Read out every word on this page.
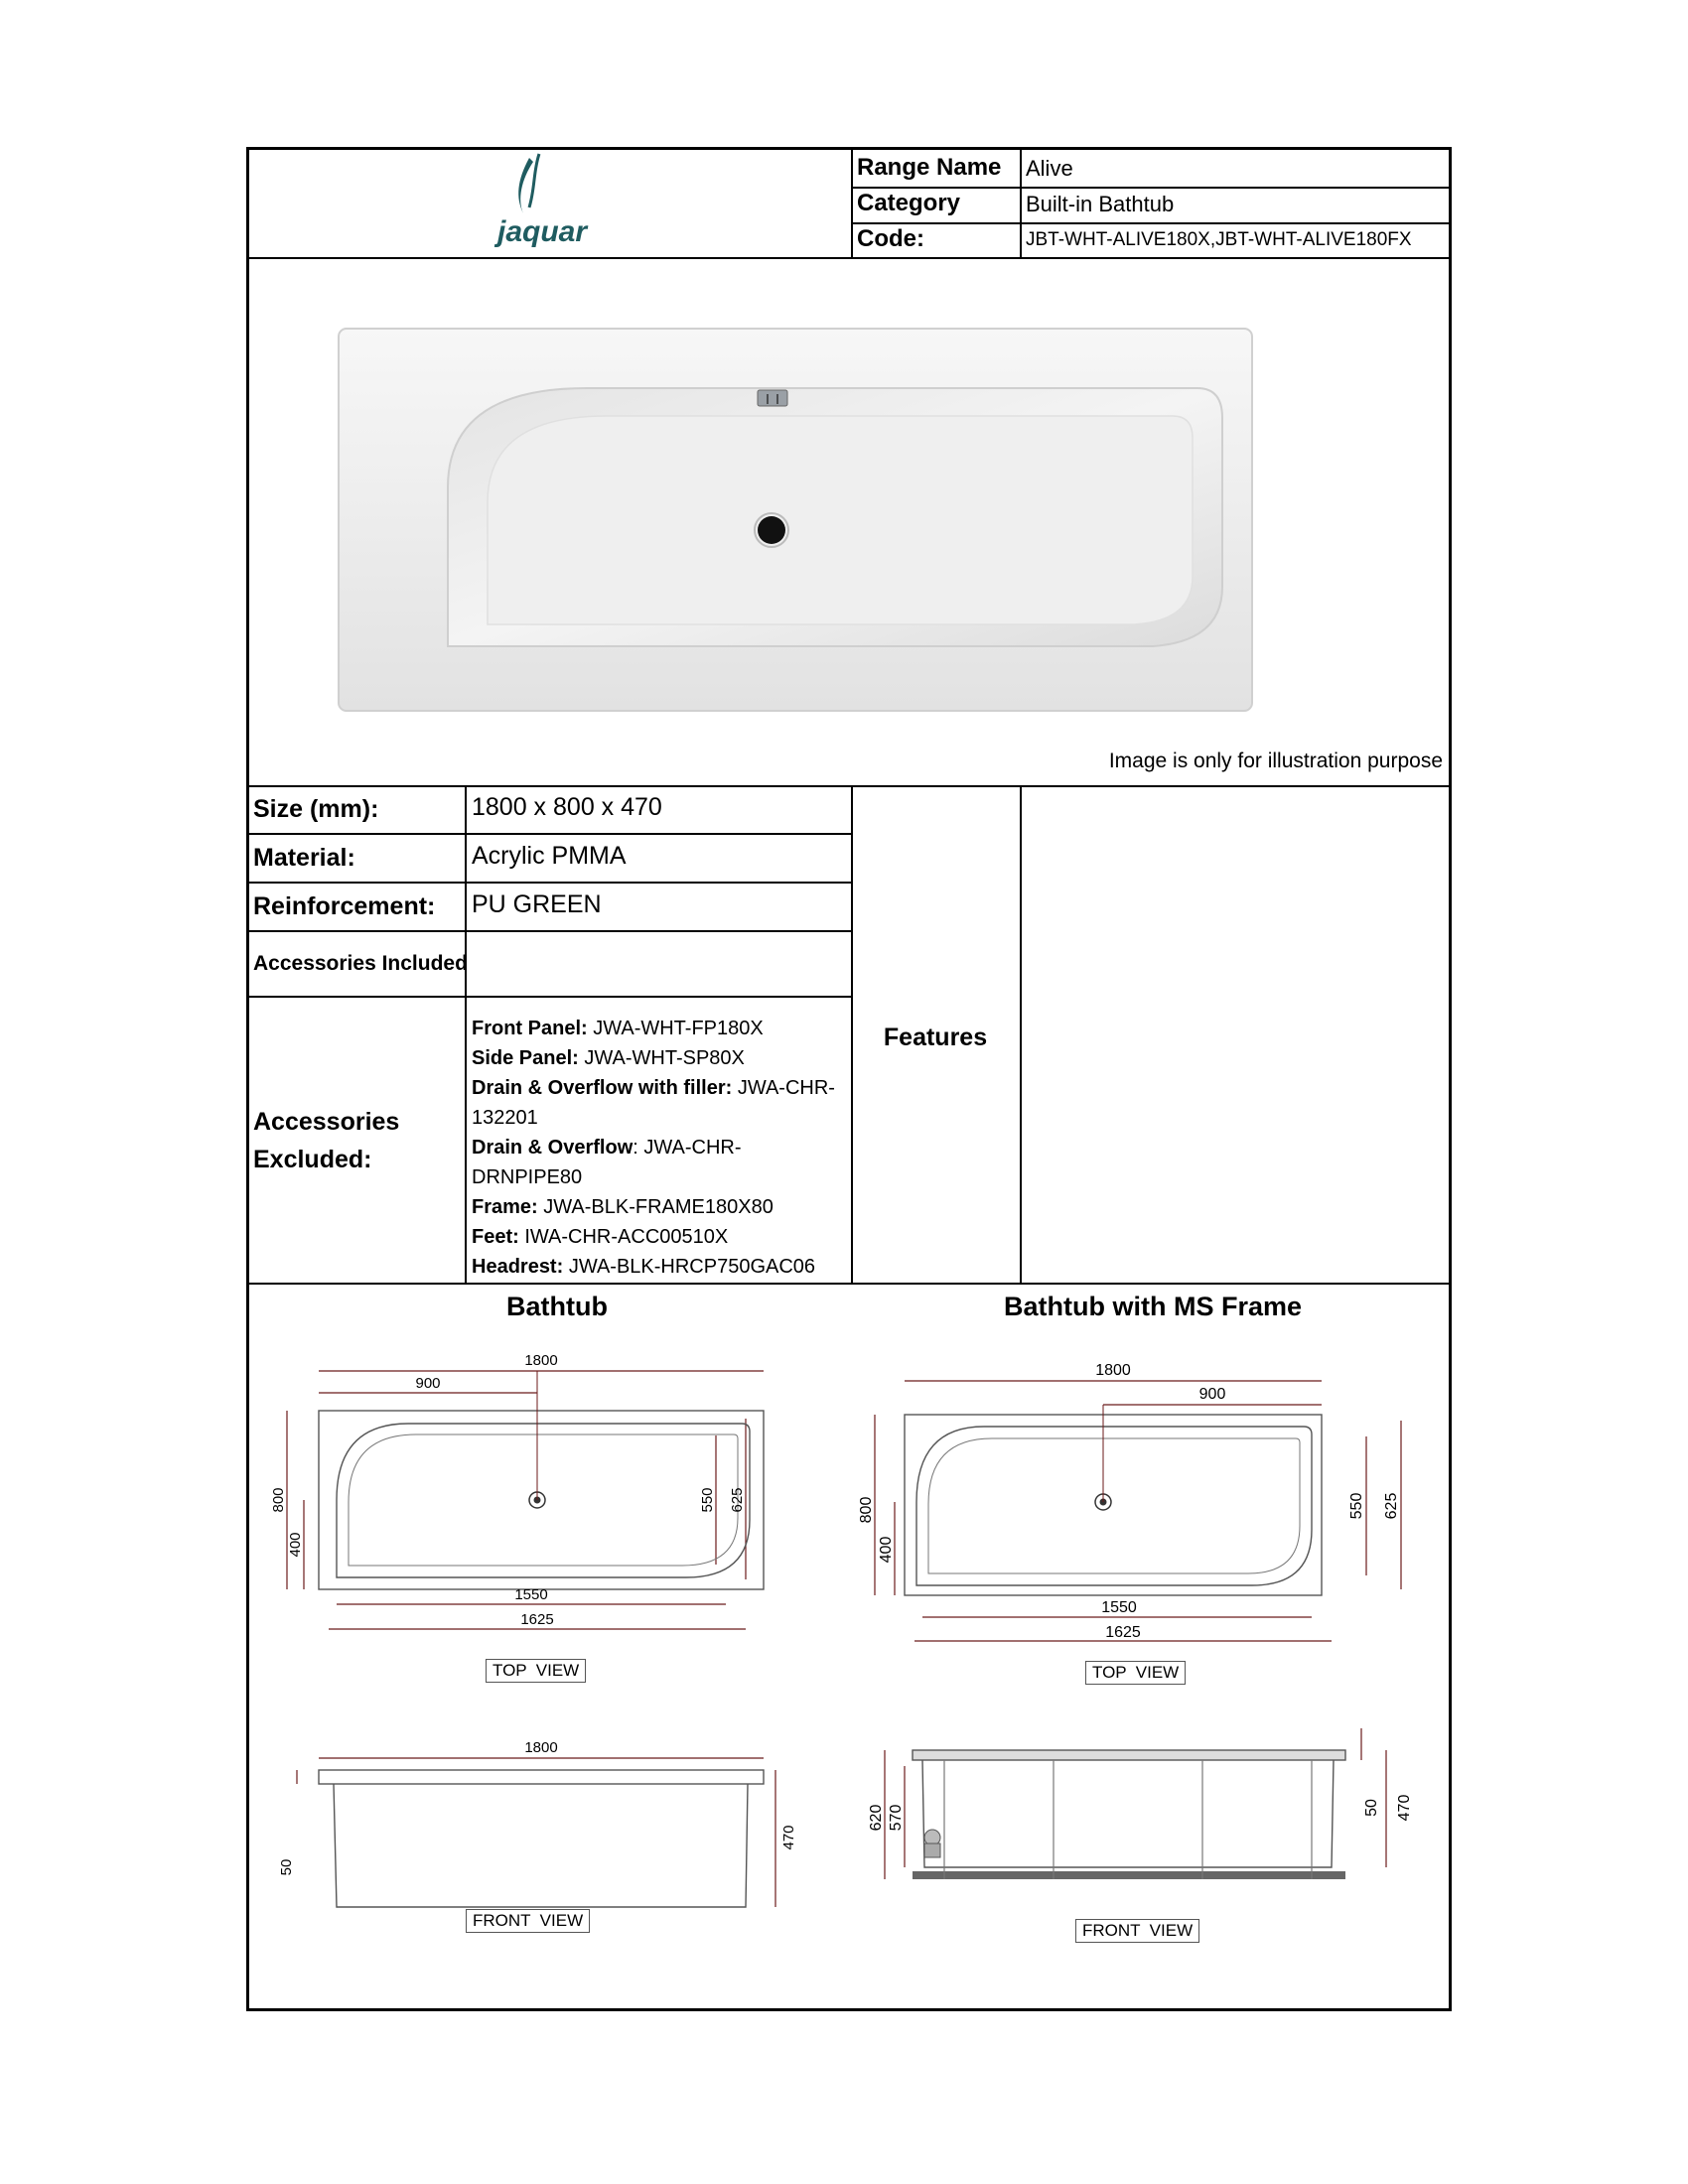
jaquar
Range Name Alive
Category	Built-in Bathtub
Code:	JBT-WHT-ALIVE180X,JBT-WHT-ALIVE180FX
Image is only for illustration purpose
Size (mm):	1800 x 800 x 470
Material:	Acrylic PMMA
Reinforcement: PU GREEN
Accessories Included
Accessories
Excluded:
Front Panel: JWA-WHT-FP180X
Side Panel: JWA-WHT-SP80X
Drain & Overflow with filler: JWA-CHR-
132201
Drain & Overflow: JWA-CHR-DRNPIPE80
Frame: JWA-BLK-FRAME180X80
Feet: IWA-CHR-ACC00510X
Headrest: JWA-BLK-HRCP750GAC06
Features
Bathtub	Bathtub with MS Frame
1800
900
800
400
550 625
1550
1625
TOP  VIEW
1800
50
470
FRONT  VIEW
1800
900
800
400
550 625
1550
1625
TOP  VIEW
620 570	50 470
FRONT  VIEW
